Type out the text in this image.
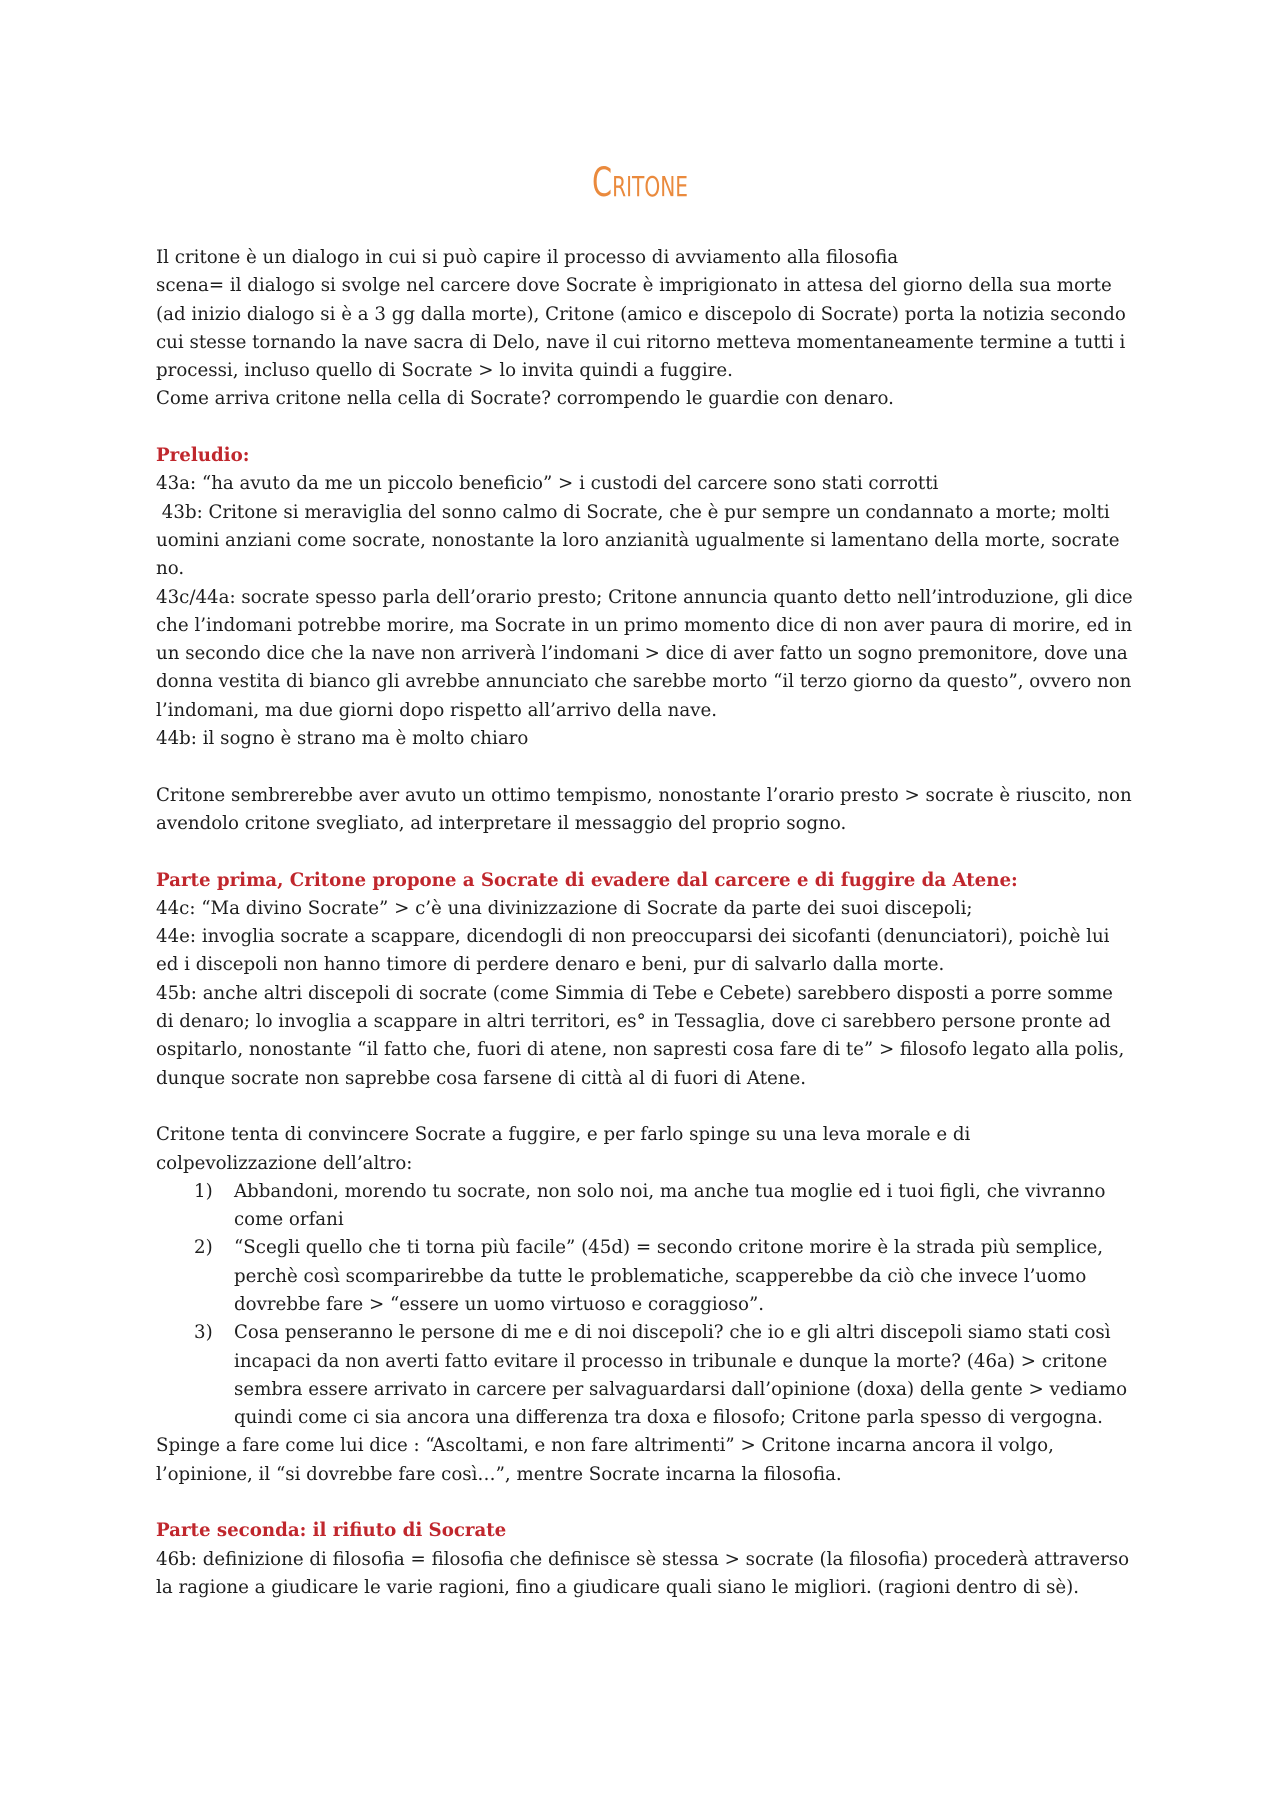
Critone

Il critone è un dialogo in cui si può capire il processo di avviamento alla filosofia

scena= il dialogo si svolge nel carcere dove Socrate è imprigionato in attesa del giorno della sua morte (ad inizio dialogo si è a 3 gg dalla morte), Critone (amico e discepolo di Socrate) porta la notizia secondo cui stesse tornando la nave sacra di Delo, nave il cui ritorno metteva momentaneamente termine a tutti i processi, incluso quello di Socrate > lo invita quindi a fuggire.

Come arriva critone nella cella di Socrate? corrompendo le guardie con denaro.

Preludio:

43a: “ha avuto da me un piccolo beneficio” > i custodi del carcere sono stati corrotti

43b: Critone si meraviglia del sonno calmo di Socrate, che è pur sempre un condannato a morte; molti uomini anziani come socrate, nonostante la loro anzianità ugualmente si lamentano della morte, socrate no.

43c/44a: socrate spesso parla dell’orario presto; Critone annuncia quanto detto nell’introduzione, gli dice che l’indomani potrebbe morire, ma Socrate in un primo momento dice di non aver paura di morire, ed in un secondo dice che la nave non arriverà l’indomani > dice di aver fatto un sogno premonitore, dove una donna vestita di bianco gli avrebbe annunciato che sarebbe morto “il terzo giorno da questo”, ovvero non l’indomani, ma due giorni dopo rispetto all’arrivo della nave.

44b: il sogno è strano ma è molto chiaro

Critone sembrerebbe aver avuto un ottimo tempismo, nonostante l’orario presto > socrate è riuscito, non avendolo critone svegliato, ad interpretare il messaggio del proprio sogno.

Parte prima, Critone propone a Socrate di evadere dal carcere e di fuggire da Atene:

44c: “Ma divino Socrate” > c’è una divinizzazione di Socrate da parte dei suoi discepoli;

44e: invoglia socrate a scappare, dicendogli di non preoccuparsi dei sicofanti (denunciatori), poichè lui ed i discepoli non hanno timore di perdere denaro e beni, pur di salvarlo dalla morte.

45b: anche altri discepoli di socrate (come Simmia di Tebe e Cebete) sarebbero disposti a porre somme di denaro; lo invoglia a scappare in altri territori, es° in Tessaglia, dove ci sarebbero persone pronte ad ospitarlo, nonostante “il fatto che, fuori di atene, non sapresti cosa fare di te” > filosofo legato alla polis, dunque socrate non saprebbe cosa farsene di città al di fuori di Atene.

Critone tenta di convincere Socrate a fuggire, e per farlo spinge su una leva morale e di colpevolizzazione dell’altro:

1) Abbandoni, morendo tu socrate, non solo noi, ma anche tua moglie ed i tuoi figli, che vivranno come orfani
2) “Scegli quello che ti torna più facile” (45d) = secondo critone morire è la strada più semplice, perchè così scomparirebbe da tutte le problematiche, scapperebbe da ciò che invece l’uomo dovrebbe fare > “essere un uomo virtuoso e coraggioso”.
3) Cosa penseranno le persone di me e di noi discepoli? che io e gli altri discepoli siamo stati così incapaci da non averti fatto evitare il processo in tribunale e dunque la morte? (46a) > critone sembra essere arrivato in carcere per salvaguardarsi dall’opinione (doxa) della gente > vediamo quindi come ci sia ancora una differenza tra doxa e filosofo; Critone parla spesso di vergogna.

Spinge a fare come lui dice : “Ascoltami, e non fare altrimenti” > Critone incarna ancora il volgo, l’opinione, il “si dovrebbe fare così…”, mentre Socrate incarna la filosofia.

Parte seconda: il rifiuto di Socrate

46b: definizione di filosofia = filosofia che definisce sè stessa > socrate (la filosofia) procederà attraverso la ragione a giudicare le varie ragioni, fino a giudicare quali siano le migliori. (ragioni dentro di sè).
